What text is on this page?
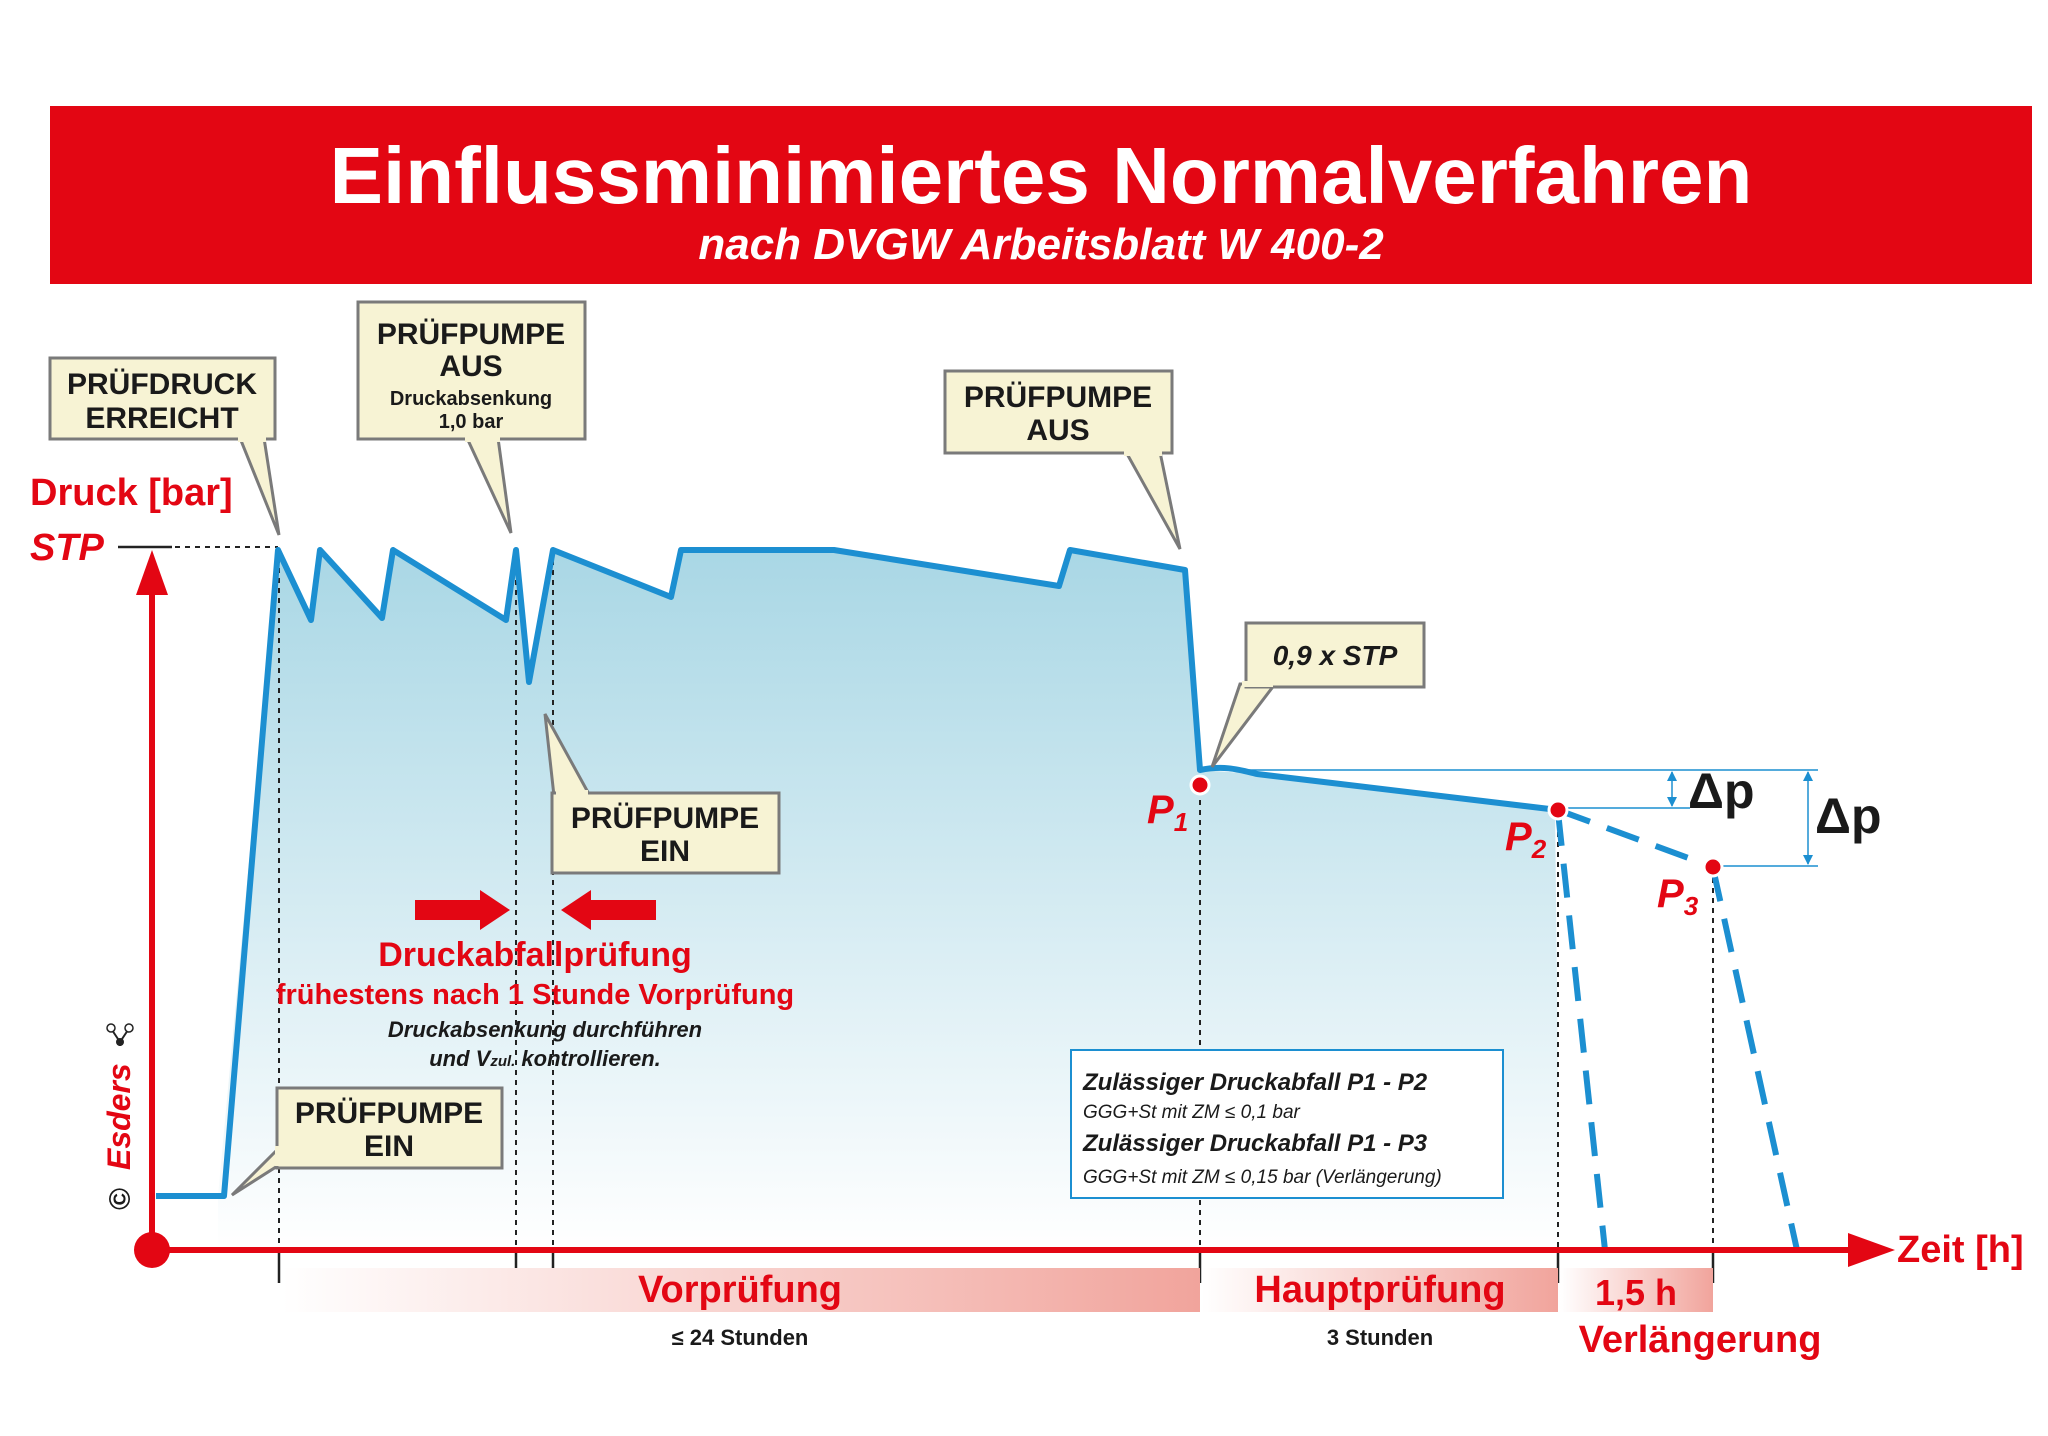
Einflussminimiertes Normalverfahren
nach DVGW Arbeitsblatt W 400-2
Druck [bar]
STP
Zeit [h]
PRÜFDRUCK
ERREICHT
PRÜFPUMPE
AUS
Druckabsenkung
1,0 bar
PRÜFPUMPE
AUS
PRÜFPUMPE
EIN
PRÜFPUMPE
EIN
0,9 x STP
$P_1$	$P_2$
$P_3$
Δp Δp
Druckabfallprüfung
frühestens nach 1 Stunde Vorprüfung
Druckabsenkung durchführen
und Vzul. kontrollieren.
Zulässiger Druckabfall P1 - P2
GGG+St mit ZM ≤ 0,1 bar
Zulässiger Druckabfall P1 - P3
GGG+St mit ZM ≤ 0,15 bar (Verlängerung)
Vorprüfung
≤ 24 Stunden
Hauptprüfung
3 Stunden
1,5 h
Verlängerung
©
Esders
